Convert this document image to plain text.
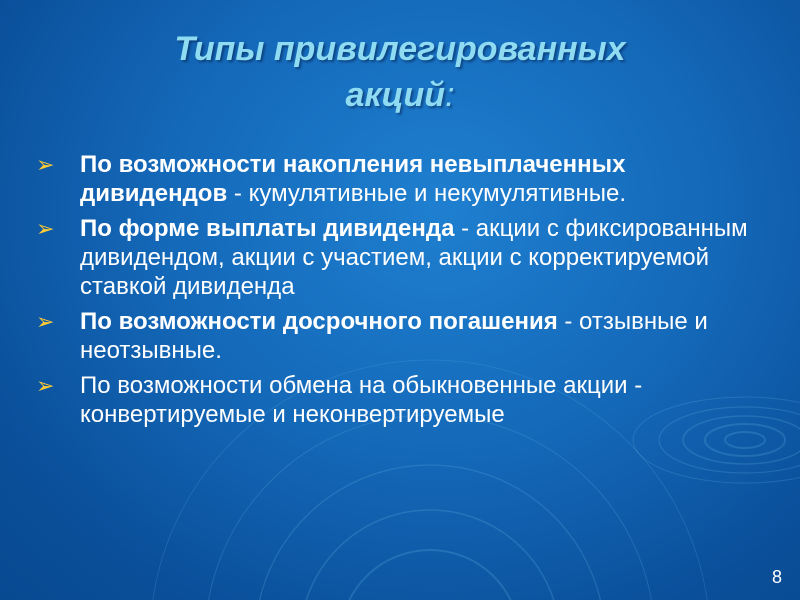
Типы привилегированных
акций:
➢ По возможности накопления невыплаченных дивидендов - кумулятивные и некумулятивные.
➢ По форме выплаты дивиденда - акции с фиксированным дивидендом, акции с участием, акции с корректируемой ставкой дивиденда
➢ По возможности досрочного погашения - отзывные и неотзывные.
➢ По возможности обмена на обыкновенные акции - конвертируемые и неконвертируемые
8
